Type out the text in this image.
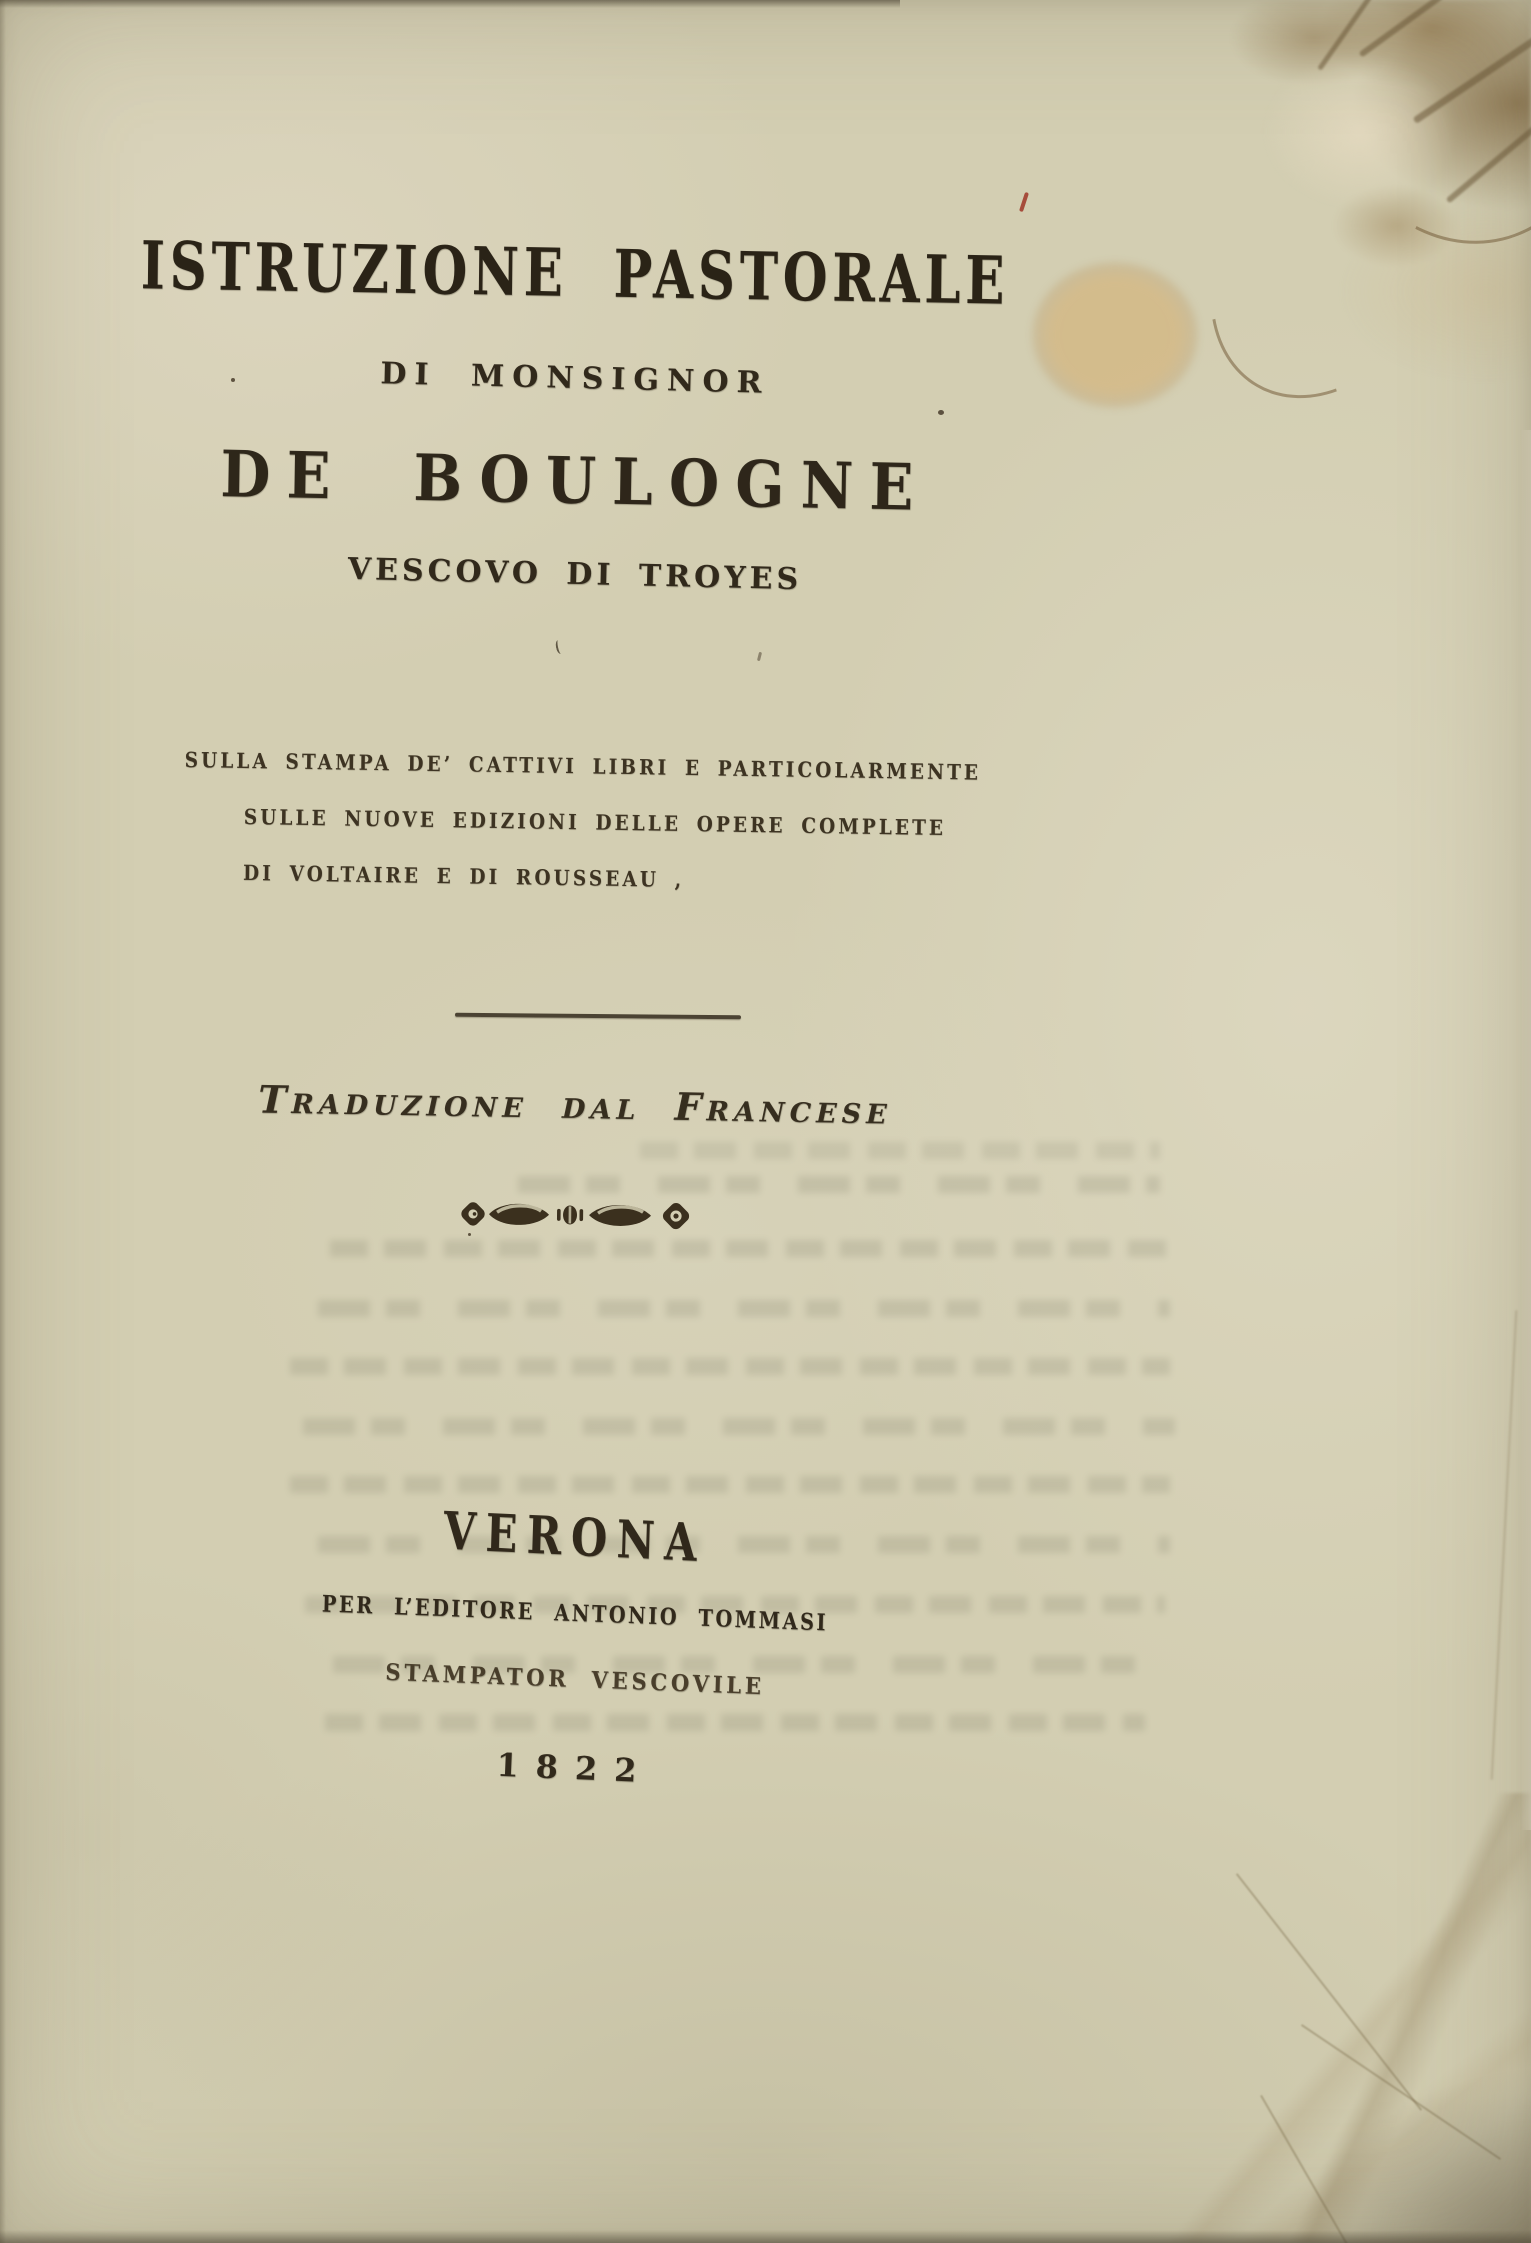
ISTRUZIONE PASTORALE
DI MONSIGNOR
DE BOULOGNE
VESCOVO DI TROYES
SULLA STAMPA DE’ CATTIVI LIBRI E PARTICOLARMENTE
SULLE NUOVE EDIZIONI DELLE OPERE COMPLETE
DI VOLTAIRE E DI ROUSSEAU ,
Traduzione dal Francese
VERONA
PER L’EDITORE ANTONIO TOMMASI
STAMPATOR VESCOVILE
1822
